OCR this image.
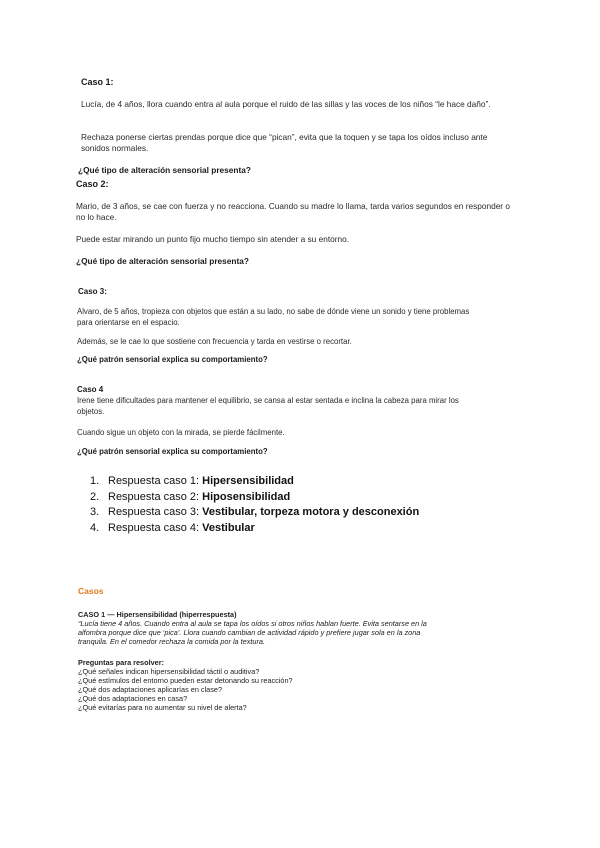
Caso 1:
Lucía, de 4 años, llora cuando entra al aula porque el ruido de las sillas y las voces de los niños “le hace daño”.
Rechaza ponerse ciertas prendas porque dice que “pican”, evita que la toquen y se tapa los oídos incluso ante sonidos normales.
¿Qué tipo de alteración sensorial presenta?
Caso 2:
Mario, de 3 años, se cae con fuerza y no reacciona. Cuando su madre lo llama, tarda varios segundos en responder o no lo hace.
Puede estar mirando un punto fijo mucho tiempo sin atender a su entorno.
¿Qué tipo de alteración sensorial presenta?
Caso 3:
Alvaro, de 5 años, tropieza con objetos que están a su lado, no sabe de dónde viene un sonido y tiene problemas para orientarse en el espacio.
Además, se le cae lo que sostiene con frecuencia y tarda en vestirse o recortar.
¿Qué patrón sensorial explica su comportamiento?
Caso 4
Irene tiene dificultades para mantener el equilibrio, se cansa al estar sentada e inclina la cabeza para mirar los objetos.
Cuando sigue un objeto con la mirada, se pierde fácilmente.
¿Qué patrón sensorial explica su comportamiento?
1. Respuesta caso 1: Hipersensibilidad
2. Respuesta caso 2: Hiposensibilidad
3. Respuesta caso 3: Vestibular, torpeza motora y desconexión
4. Respuesta caso 4: Vestibular
Casos
CASO 1 — Hipersensibilidad (hiperrespuesta)
“Lucía tiene 4 años. Cuando entra al aula se tapa los oídos si otros niños hablan fuerte. Evita sentarse en la alfombra porque dice que ‘pica’. Llora cuando cambian de actividad rápido y prefiere jugar sola en la zona tranquila. En el comedor rechaza la comida por la textura.
Preguntas para resolver:
¿Qué señales indican hipersensibilidad táctil o auditiva?
¿Qué estímulos del entorno pueden estar detonando su reacción?
¿Qué dos adaptaciones aplicarías en clase?
¿Qué dos adaptaciones en casa?
¿Qué evitarías para no aumentar su nivel de alerta?
